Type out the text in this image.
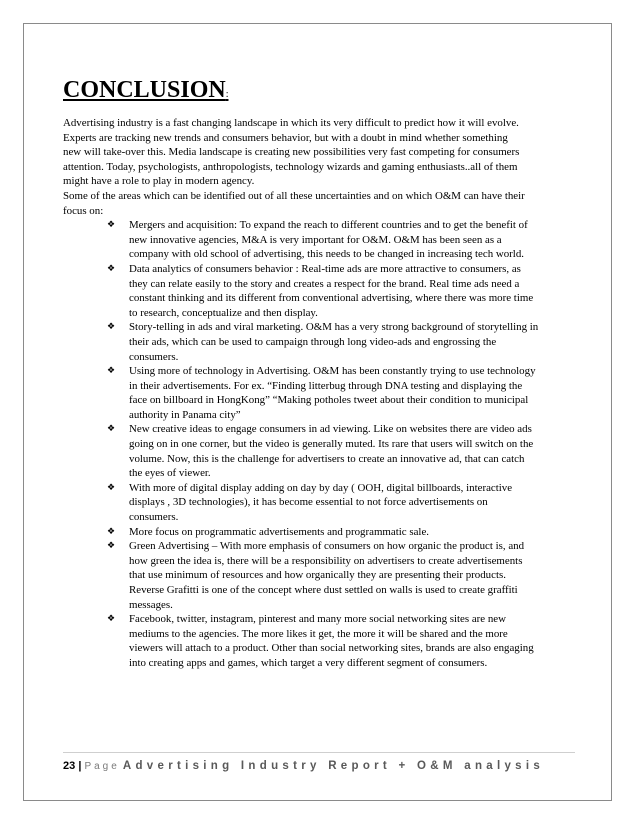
CONCLUSION:

Advertising industry is a fast changing landscape in which its very difficult to predict how it will evolve.
Experts are tracking new trends and consumers behavior, but with a doubt in mind whether something
new will take-over this. Media landscape is creating new possibilities very fast competing for consumers
attention. Today, psychologists, anthropologists, technology wizards and gaming enthusiasts..all of them
might have a role to play in modern agency.
Some of the areas which can be identified out of all these uncertainties and on which O&M can have their
focus on:

❖ Mergers and acquisition: To expand the reach to different countries and to get the benefit of
new innovative agencies, M&A is very important for O&M. O&M has been seen as a
company with old school of advertising, this needs to be changed in increasing tech world.
❖ Data analytics of consumers behavior : Real-time ads are more attractive to consumers, as
they can relate easily to the story and creates a respect for the brand. Real time ads need a
constant thinking and its different from conventional advertising, where there was more time
to research, conceptualize and then display.
❖ Story-telling in ads and viral marketing. O&M has a very strong background of storytelling in
their ads, which can be used to campaign through long video-ads and engrossing the
consumers.
❖ Using more of technology in Advertising. O&M has been constantly trying to use technology
in their advertisements. For ex. “Finding litterbug through DNA testing and displaying the
face on billboard in HongKong” “Making potholes tweet about their condition to municipal
authority in Panama city”
❖ New creative ideas to engage consumers in ad viewing. Like on websites there are video ads
going on in one corner, but the video is generally muted. Its rare that users will switch on the
volume. Now, this is the challenge for advertisers to create an innovative ad, that can catch
the eyes of viewer.
❖ With more of digital display adding on day by day ( OOH, digital billboards, interactive
displays , 3D technologies), it has become essential to not force advertisements on
consumers.
❖ More focus on programmatic advertisements and programmatic sale.
❖ Green Advertising – With more emphasis of consumers on how organic the product is, and
how green the idea is, there will be a responsibility on advertisers to create advertisements
that use minimum of resources and how organically they are presenting their products.
Reverse Grafitti is one of the concept where dust settled on walls is used to create graffiti
messages.
❖ Facebook, twitter, instagram, pinterest and many more social networking sites are new
mediums to the agencies. The more likes it get, the more it will be shared and the more
viewers will attach to a product. Other than social networking sites, brands are also engaging
into creating apps and games, which target a very different segment of consumers.
23 | Page Advertising Industry Report + O&M analysis
